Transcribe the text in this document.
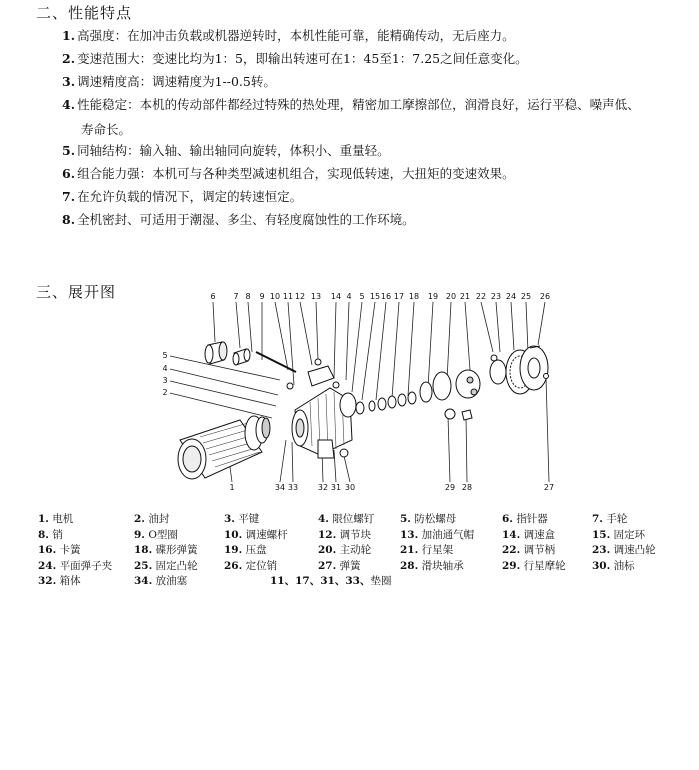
二、性能特点
1. 高强度：在加冲击负载或机器逆转时，本机性能可靠，能精确传动，无后座力。
2. 变速范围大：变速比均为1：5，即输出转速可在1：45至1：7.25之间任意变化。
3. 调速精度高：调速精度为1--0.5转。
4. 性能稳定：本机的传动部件都经过特殊的热处理，精密加工摩擦部位，润滑良好，运行平稳、噪声低、
寿命长。
5. 同轴结构：输入轴、输出轴同向旋转，体积小、重量轻。
6. 组合能力强：本机可与各种类型减速机组合，实现低转速，大扭矩的变速效果。
7. 在允许负载的情况下，调定的转速恒定。
8. 全机密封、可适用于潮湿、多尘、有轻度腐蚀性的工作环境。
三、展开图	6 7 8 9 10 11 12 13 14 4 5 15 16 17 18 19 20 21 22 23 24 25 26
5
4
3
2
1	34 33 32 31 30	29 28	27
1. 电机	2. 油封	3. 平键	4. 限位螺钉 5. 防松螺母	6. 指针器	7. 手轮
8. 销	9. O型圈	10. 调速螺杆	12. 调节块	13. 加油通气帽	14. 调速盒	15. 固定环
16. 卡簧	18. 碟形弹簧	19. 压盘	20. 主动轮	21. 行星架	22. 调节柄	23. 调速凸轮
24. 平面弹子夹 25. 固定凸轮	26. 定位销	27. 弹簧	28. 滑块轴承	29. 行星摩轮	30. 油标
32. 箱体	34. 放油塞	11、17、31、33、垫圈
